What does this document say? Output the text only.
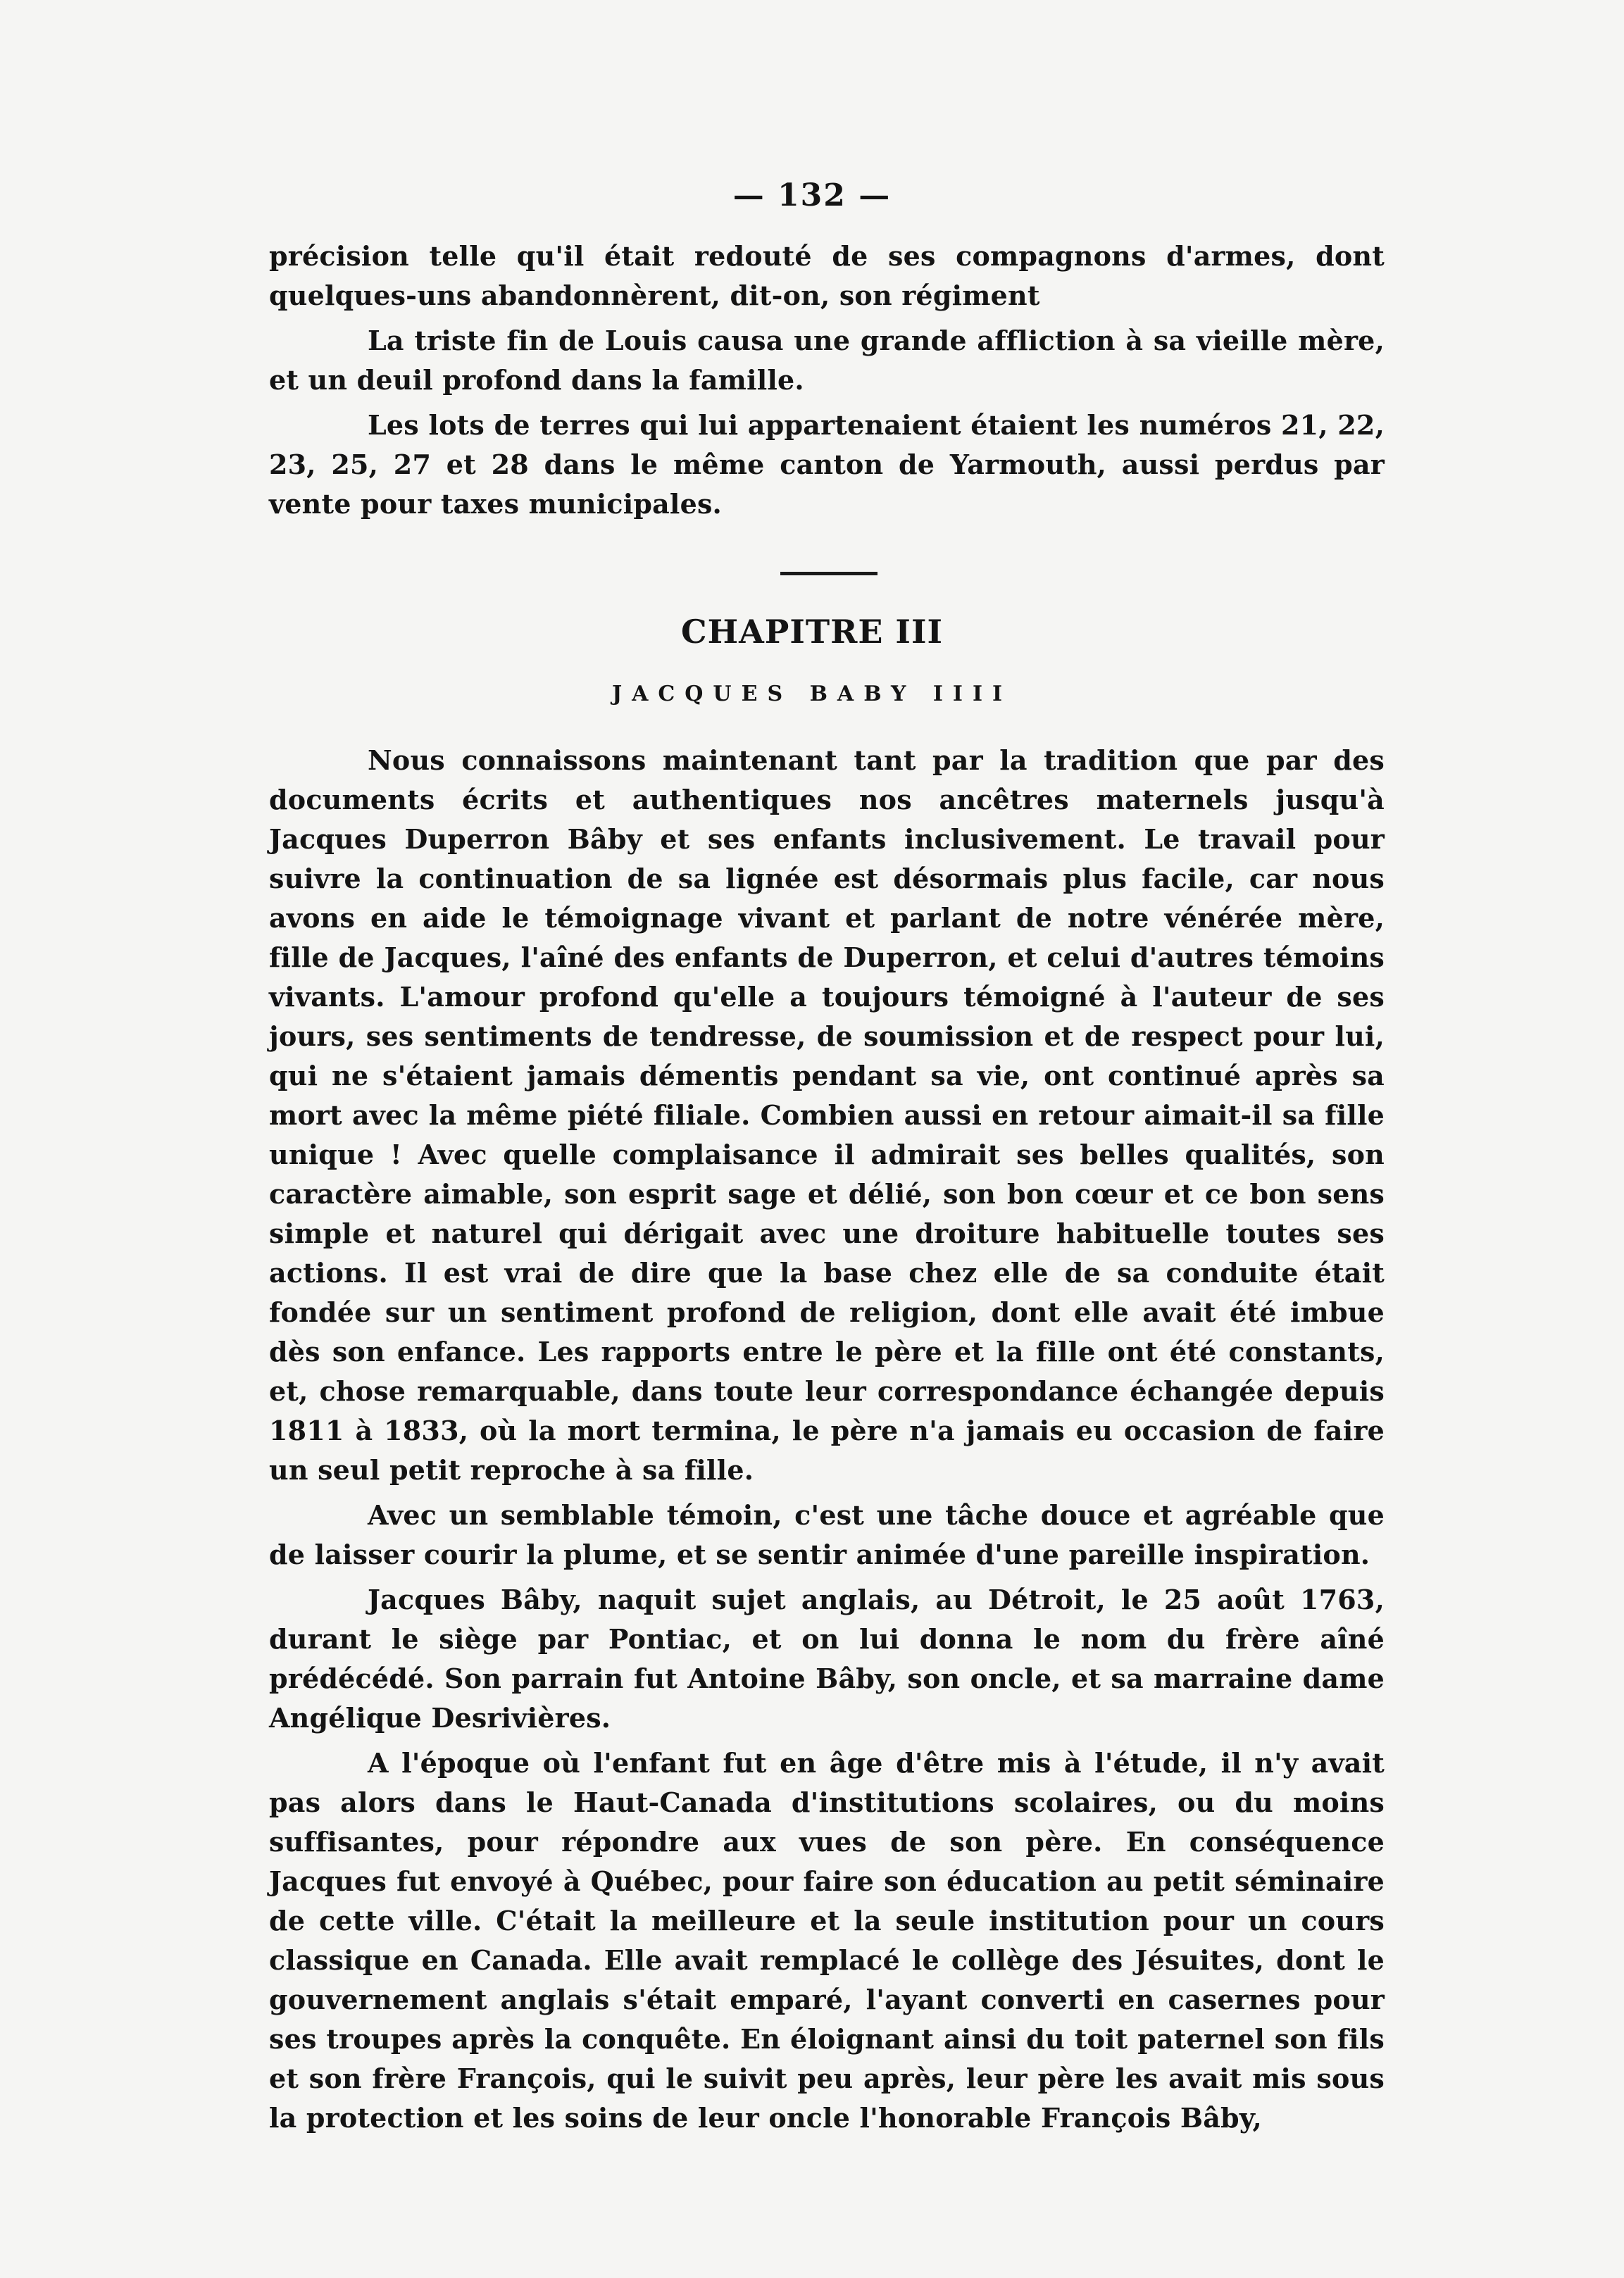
— 132 —

précision telle qu'il était redouté de ses compagnons d'armes, dont quelques-uns abandonnèrent, dit-on, son régiment

La triste fin de Louis causa une grande affliction à sa vieille mère, et un deuil profond dans la famille.

Les lots de terres qui lui appartenaient étaient les numéros 21, 22, 23, 25, 27 et 28 dans le même canton de Yarmouth, aussi perdus par vente pour taxes municipales.

CHAPITRE III
JACQUES BABY IIII

Nous connaissons maintenant tant par la tradition que par des documents écrits et authentiques nos ancêtres maternels jusqu'à Jacques Duperron Bâby et ses enfants inclusivement. Le travail pour suivre la continuation de sa lignée est désormais plus facile, car nous avons en aide le témoignage vivant et parlant de notre vénérée mère, fille de Jacques, l'aîné des enfants de Duperron, et celui d'autres témoins vivants. L'amour profond qu'elle a toujours témoigné à l'auteur de ses jours, ses sentiments de tendresse, de soumission et de respect pour lui, qui ne s'étaient jamais démentis pendant sa vie, ont continué après sa mort avec la même piété filiale. Combien aussi en retour aimait-il sa fille unique ! Avec quelle complaisance il admirait ses belles qualités, son caractère aimable, son esprit sage et délié, son bon cœur et ce bon sens simple et naturel qui dérigait avec une droiture habituelle toutes ses actions. Il est vrai de dire que la base chez elle de sa conduite était fondée sur un sentiment profond de religion, dont elle avait été imbue dès son enfance. Les rapports entre le père et la fille ont été constants, et, chose remarquable, dans toute leur correspondance échangée depuis 1811 à 1833, où la mort termina, le père n'a jamais eu occasion de faire un seul petit reproche à sa fille.

Avec un semblable témoin, c'est une tâche douce et agréable que de laisser courir la plume, et se sentir animée d'une pareille inspiration.

Jacques Bâby, naquit sujet anglais, au Détroit, le 25 août 1763, durant le siège par Pontiac, et on lui donna le nom du frère aîné prédécédé. Son parrain fut Antoine Bâby, son oncle, et sa marraine dame Angélique Desrivières.

A l'époque où l'enfant fut en âge d'être mis à l'étude, il n'y avait pas alors dans le Haut-Canada d'institutions scolaires, ou du moins suffisantes, pour répondre aux vues de son père. En conséquence Jacques fut envoyé à Québec, pour faire son éducation au petit séminaire de cette ville. C'était la meilleure et la seule institution pour un cours classique en Canada. Elle avait remplacé le collège des Jésuites, dont le gouvernement anglais s'était emparé, l'ayant converti en casernes pour ses troupes après la conquête. En éloignant ainsi du toit paternel son fils et son frère François, qui le suivit peu après, leur père les avait mis sous la protection et les soins de leur oncle l'honorable François Bâby,
